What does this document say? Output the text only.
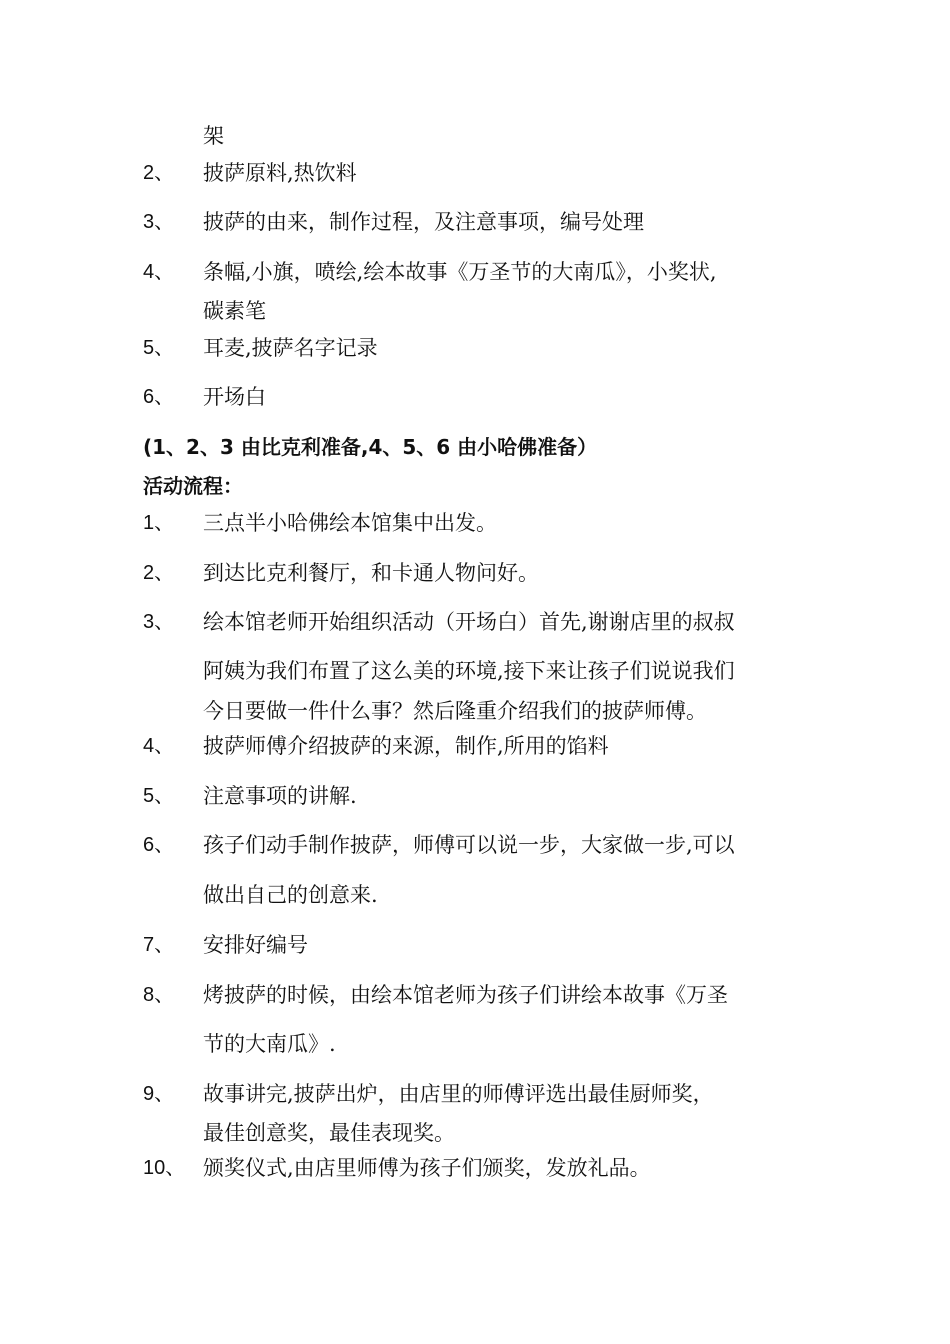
架
2、 披萨原料,热饮料
3、 披萨的由来，制作过程，及注意事项，编号处理
4、 条幅,小旗，喷绘,绘本故事《万圣节的大南瓜》，小奖状,
碳素笔
5、 耳麦,披萨名字记录
6、 开场白
(1、2、3 由比克利准备,4、5、6 由小哈佛准备）
活动流程：
1、 三点半小哈佛绘本馆集中出发。
2、 到达比克利餐厅，和卡通人物问好。
3、 绘本馆老师开始组织活动（开场白）首先,谢谢店里的叔叔
阿姨为我们布置了这么美的环境,接下来让孩子们说说我们
今日要做一件什么事？然后隆重介绍我们的披萨师傅。
4、 披萨师傅介绍披萨的来源，制作,所用的馅料
5、 注意事项的讲解.
6、 孩子们动手制作披萨，师傅可以说一步，大家做一步,可以
做出自己的创意来.
7、 安排好编号
8、 烤披萨的时候，由绘本馆老师为孩子们讲绘本故事《万圣
节的大南瓜》.
9、 故事讲完,披萨出炉，由店里的师傅评选出最佳厨师奖，
最佳创意奖，最佳表现奖。
10、 颁奖仪式,由店里师傅为孩子们颁奖，发放礼品。
